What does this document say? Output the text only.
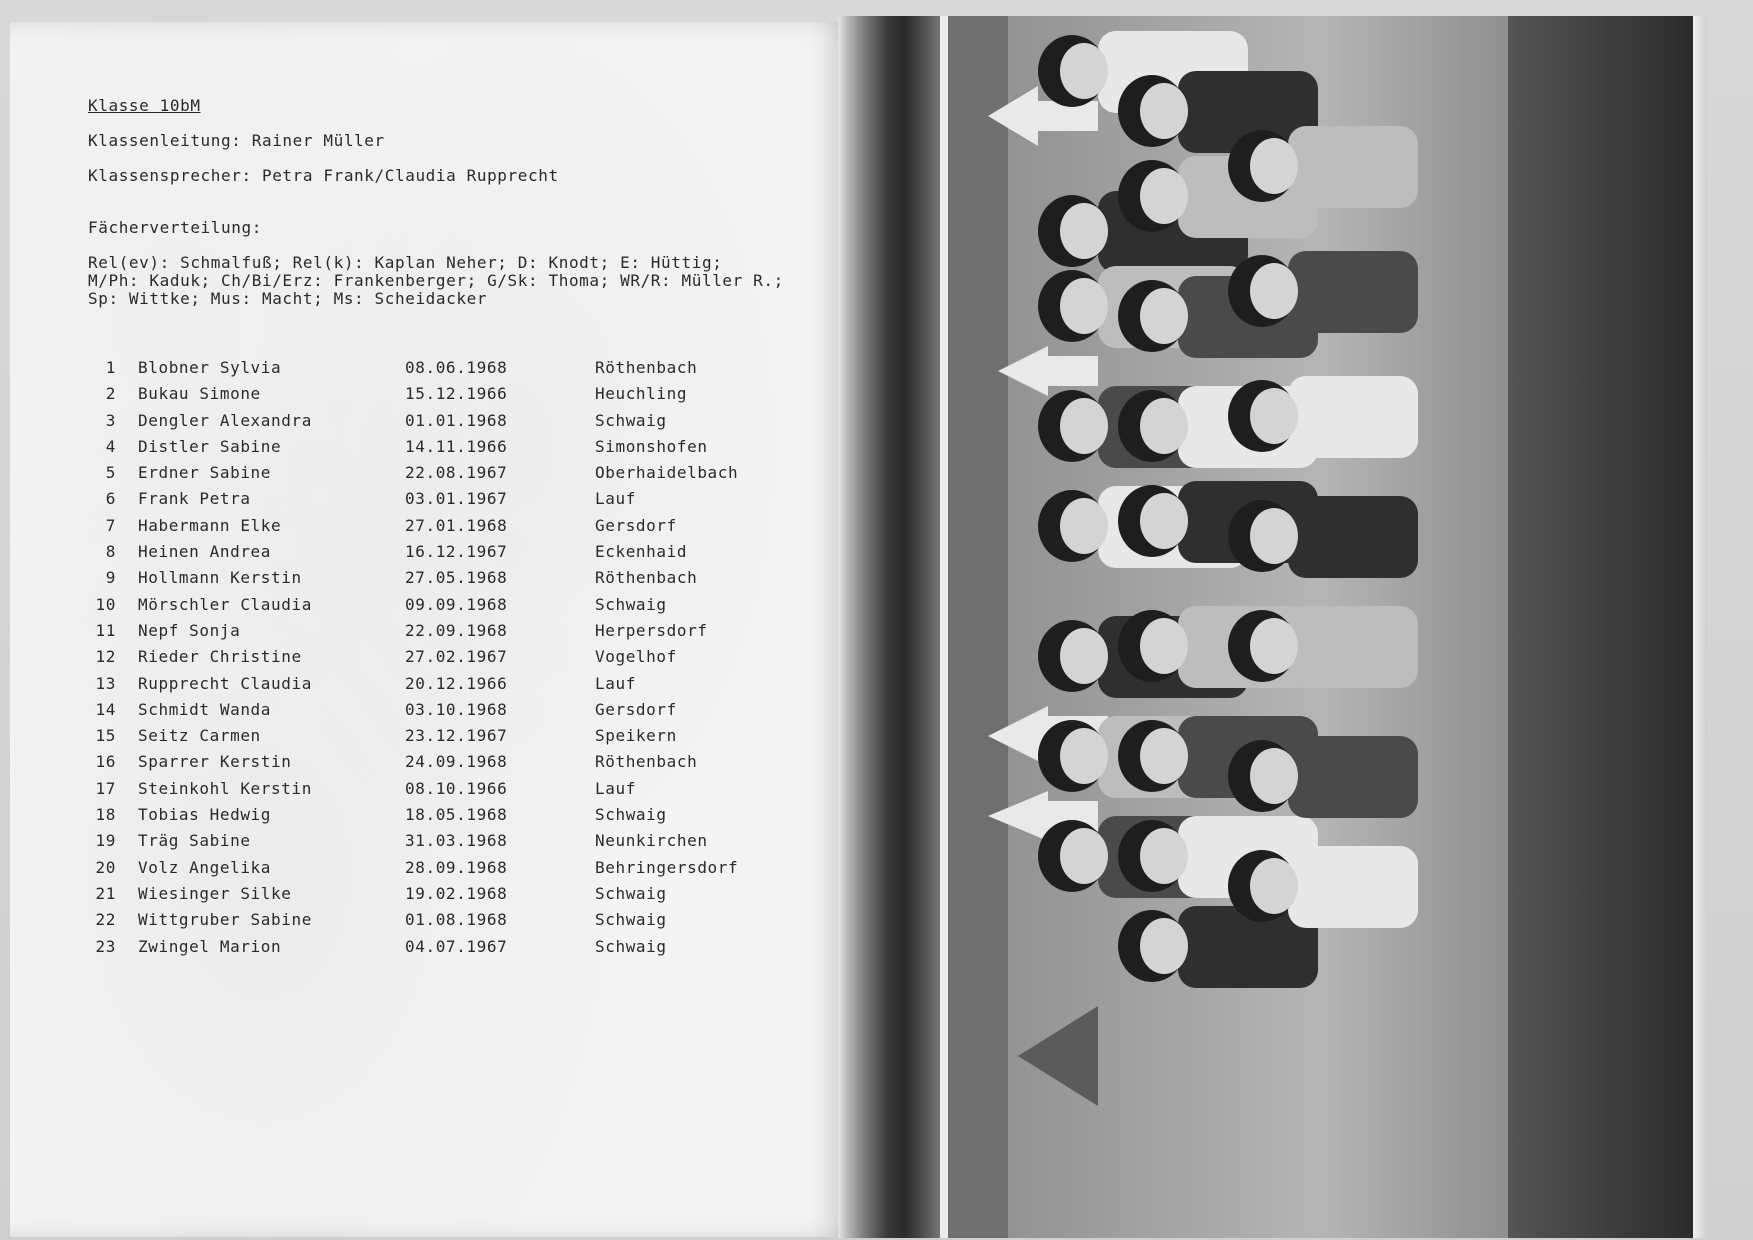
Klasse 10bM
Klassenleitung: Rainer Müller
Klassensprecher: Petra Frank/Claudia Rupprecht
Fächerverteilung:
Rel(ev): Schmalfuß; Rel(k): Kaplan Neher; D: Knodt; E: Hüttig;
M/Ph: Kaduk; Ch/Bi/Erz: Frankenberger; G/Sk: Thoma; WR/R: Müller R.;
Sp: Wittke; Mus: Macht; Ms: Scheidacker
1 Blobner Sylvia	08.06.1968	Röthenbach
2 Bukau Simone	15.12.1966	Heuchling
3 Dengler Alexandra	01.01.1968	Schwaig
4 Distler Sabine	14.11.1966	Simonshofen
5 Erdner Sabine	22.08.1967	Oberhaidelbach
6 Frank Petra	03.01.1967	Lauf
7 Habermann Elke	27.01.1968	Gersdorf
8 Heinen Andrea	16.12.1967	Eckenhaid
9 Hollmann Kerstin	27.05.1968	Röthenbach
10 Mörschler Claudia	09.09.1968	Schwaig
11 Nepf Sonja	22.09.1968	Herpersdorf
12 Rieder Christine	27.02.1967	Vogelhof
13 Rupprecht Claudia	20.12.1966	Lauf
14 Schmidt Wanda	03.10.1968	Gersdorf
15 Seitz Carmen	23.12.1967	Speikern
16 Sparrer Kerstin	24.09.1968	Röthenbach
17 Steinkohl Kerstin	08.10.1966	Lauf
18 Tobias Hedwig	18.05.1968	Schwaig
19 Träg Sabine	31.03.1968	Neunkirchen
20 Volz Angelika	28.09.1968	Behringersdorf
21 Wiesinger Silke	19.02.1968	Schwaig
22 Wittgruber Sabine	01.08.1968	Schwaig
23 Zwingel Marion	04.07.1967	Schwaig
